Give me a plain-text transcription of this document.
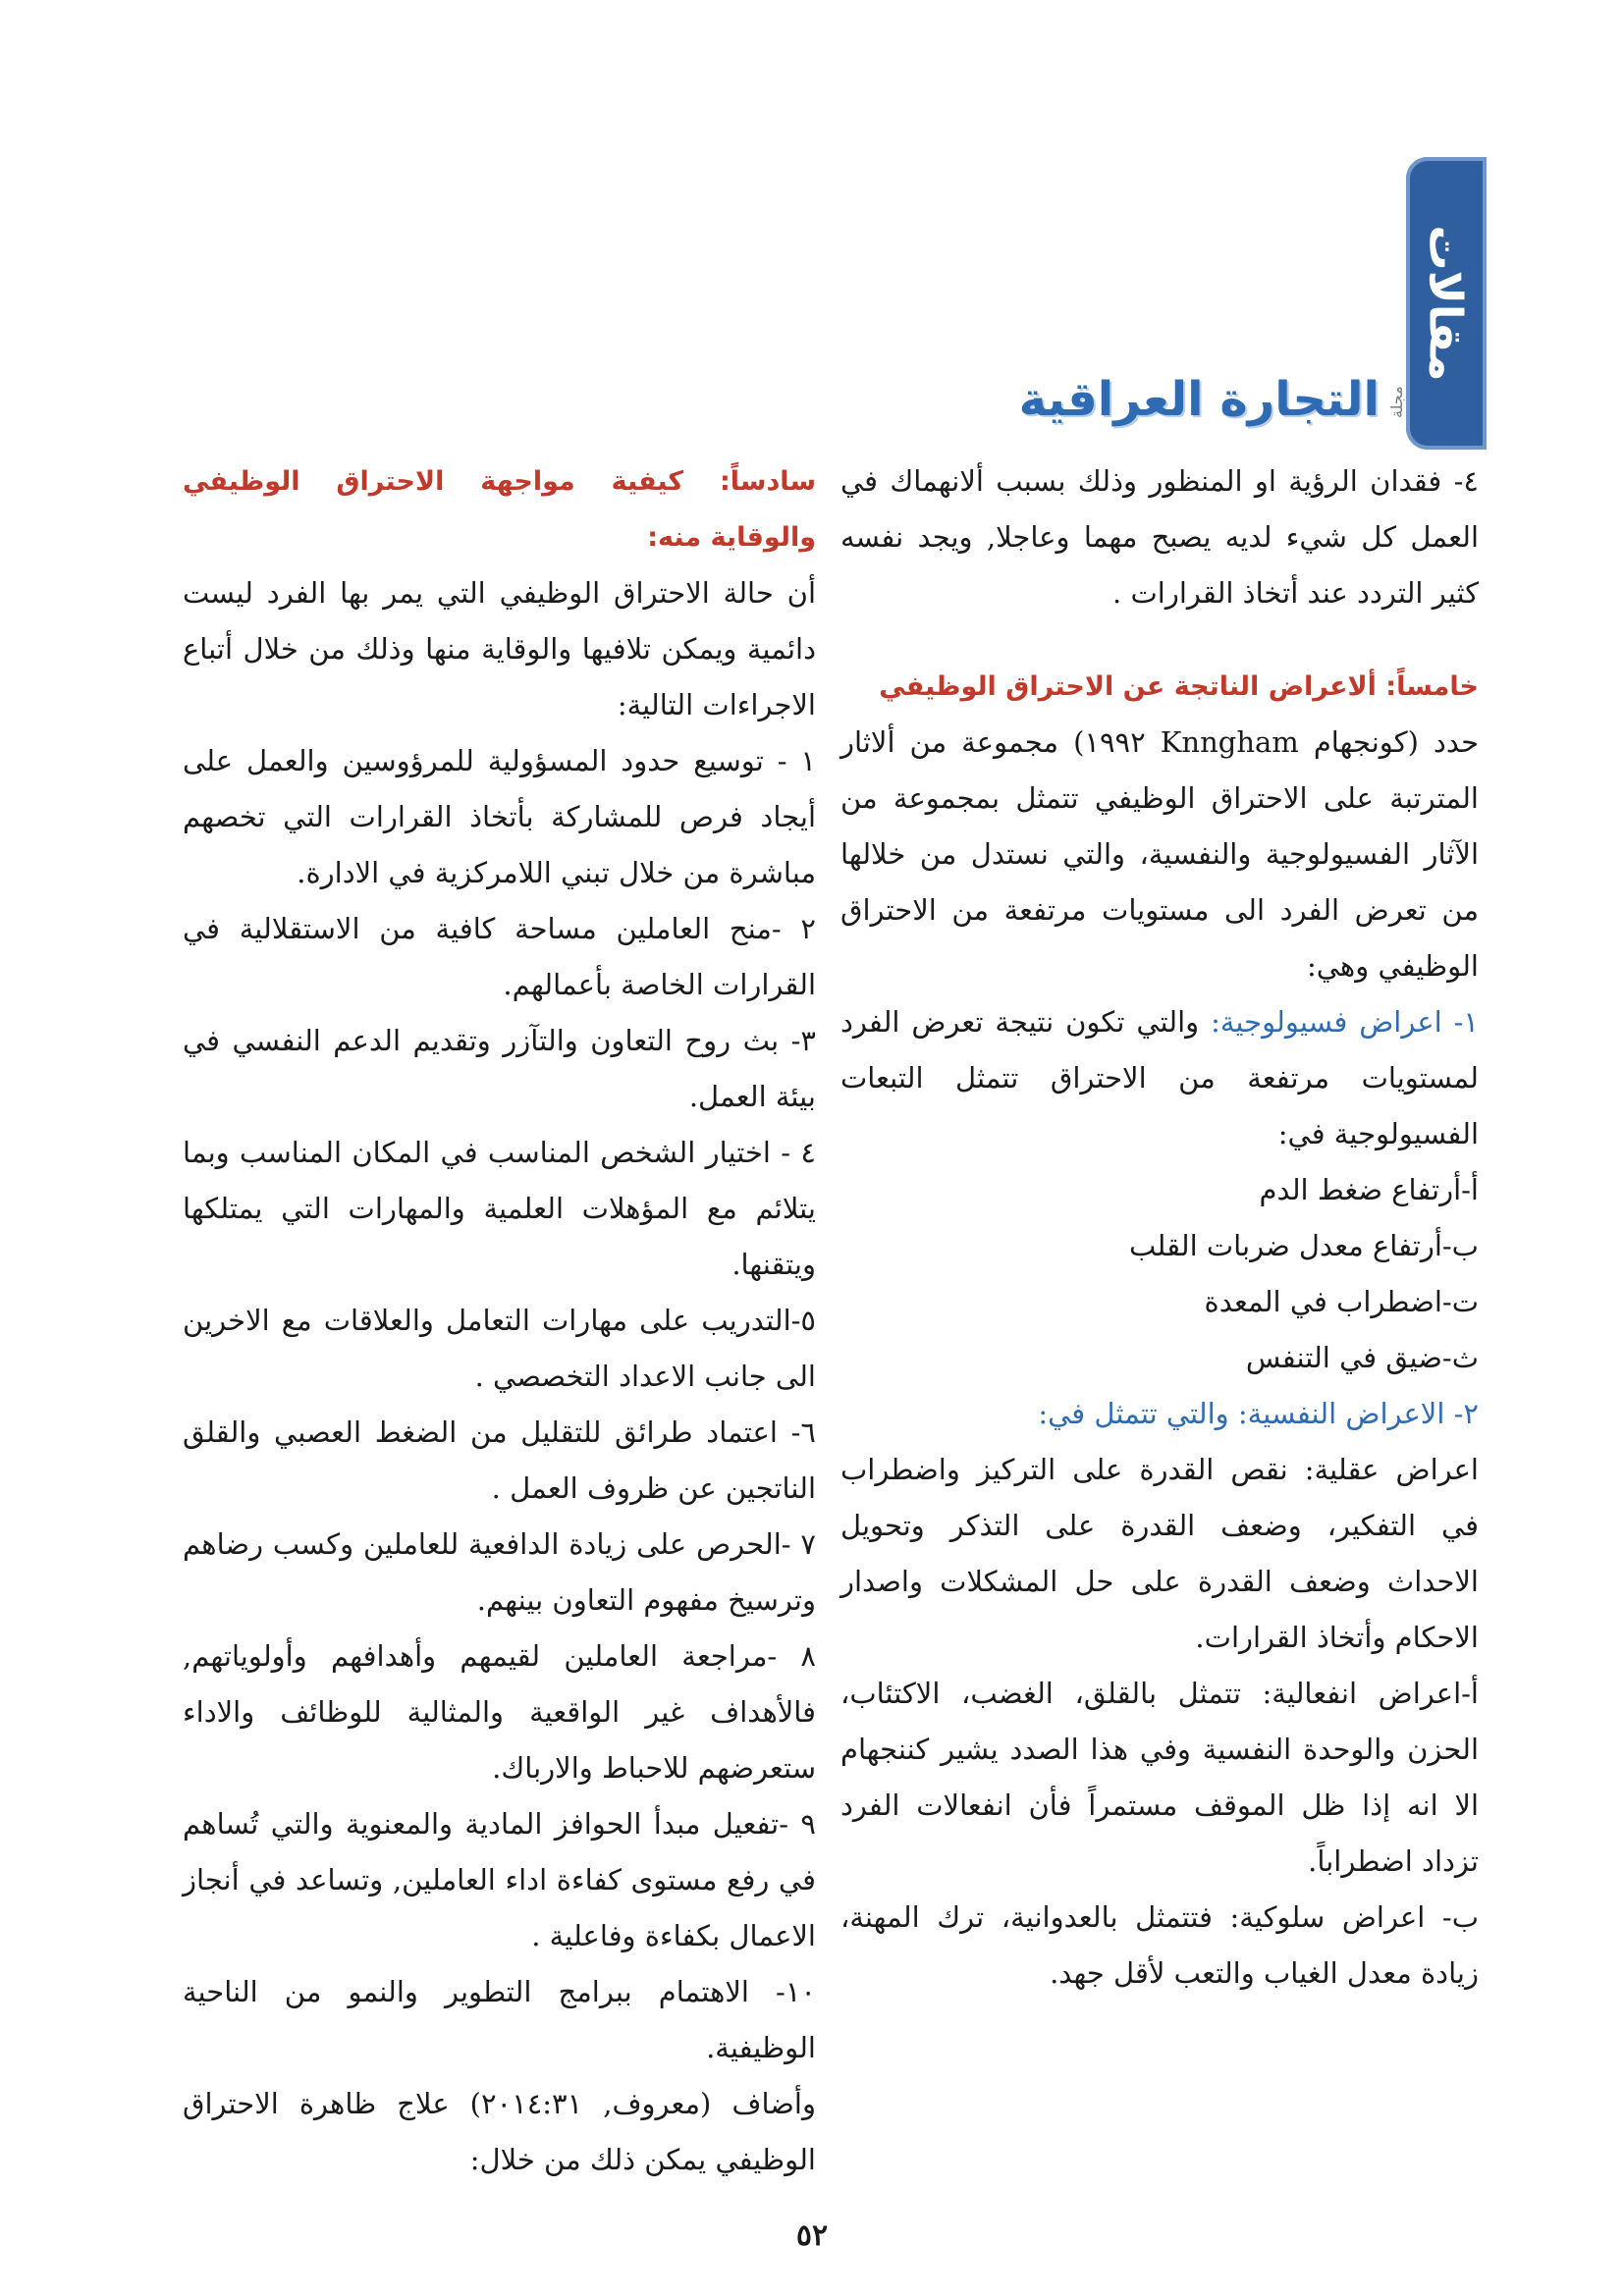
مقالات
مجلة
التجارة العراقية

٤- فقدان الرؤية او المنظور وذلك بسبب ألانهماك في العمل كل شيء لديه يصبح مهما وعاجلا, ويجد نفسه كثير التردد عند أتخاذ القرارات .

خامساً: ألاعراض الناتجة عن الاحتراق الوظيفي

حدد (كونجهام Knngham ١٩٩٢) مجموعة من ألاثار المترتبة على الاحتراق الوظيفي تتمثل بمجموعة من الآثار الفسيولوجية والنفسية، والتي نستدل من خلالها من تعرض الفرد الى مستويات مرتفعة من الاحتراق الوظيفي وهي:

١- اعراض فسيولوجية: والتي تكون نتيجة تعرض الفرد لمستويات مرتفعة من الاحتراق تتمثل التبعات الفسيولوجية في:

أ-أرتفاع ضغط الدم

ب-أرتفاع معدل ضربات القلب

ت-اضطراب في المعدة

ث-ضيق في التنفس

٢- الاعراض النفسية: والتي تتمثل في:

اعراض عقلية: نقص القدرة على التركيز واضطراب في التفكير، وضعف القدرة على التذكر وتحويل الاحداث وضعف القدرة على حل المشكلات واصدار الاحكام وأتخاذ القرارات.

أ-اعراض انفعالية: تتمثل بالقلق، الغضب، الاكتئاب، الحزن والوحدة النفسية وفي هذا الصدد يشير كننجهام الا انه إذا ظل الموقف مستمراً فأن انفعالات الفرد تزداد اضطراباً.

ب- اعراض سلوكية: فتتمثل بالعدوانية، ترك المهنة، زيادة معدل الغياب والتعب لأقل جهد.

سادساً: كيفية مواجهة الاحتراق الوظيفي والوقاية منه:

أن حالة الاحتراق الوظيفي التي يمر بها الفرد ليست دائمية ويمكن تلافيها والوقاية منها وذلك من خلال أتباع الاجراءات التالية:

١ - توسيع حدود المسؤولية للمرؤوسين والعمل على أيجاد فرص للمشاركة بأتخاذ القرارات التي تخصهم مباشرة من خلال تبني اللامركزية في الادارة.

٢ -منح العاملين مساحة كافية من الاستقلالية في القرارات الخاصة بأعمالهم.

٣- بث روح التعاون والتآزر وتقديم الدعم النفسي في بيئة العمل.

٤ - اختيار الشخص المناسب في المكان المناسب وبما يتلائم مع المؤهلات العلمية والمهارات التي يمتلكها ويتقنها.

٥-التدريب على مهارات التعامل والعلاقات مع الاخرين الى جانب الاعداد التخصصي .

٦- اعتماد طرائق للتقليل من الضغط العصبي والقلق الناتجين عن ظروف العمل .

٧ -الحرص على زيادة الدافعية للعاملين وكسب رضاهم وترسيخ مفهوم التعاون بينهم.

٨ -مراجعة العاملين لقيمهم وأهدافهم وأولوياتهم, فالأهداف غير الواقعية والمثالية للوظائف والاداء ستعرضهم للاحباط والارباك.

٩ -تفعيل مبدأ الحوافز المادية والمعنوية والتي تُساهم في رفع مستوى كفاءة اداء العاملين, وتساعد في أنجاز الاعمال بكفاءة وفاعلية .

١٠- الاهتمام ببرامج التطوير والنمو من الناحية الوظيفية.

وأضاف (معروف, ٢٠١٤:٣١) علاج ظاهرة الاحتراق الوظيفي يمكن ذلك من خلال:

٥٢
